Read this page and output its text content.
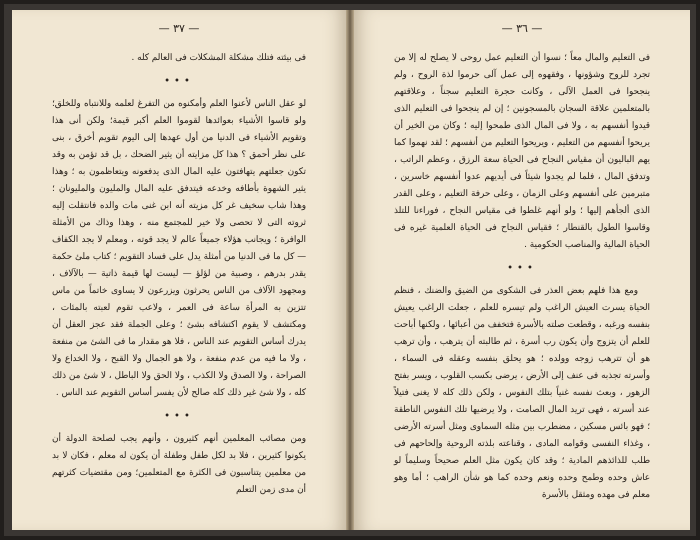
— ٣٧ —

فى بيئته فتلك مشكلة المشكلات فى العالم كله .

•••

لو عقل الناس لأعنوا العلم وأمكنوه من التفرغ لعلمه وللانتباه وللخلق؛ ولو قاسوا الأشياء بعوائدها لقوموا العلم أكبر قيمة؛ ولكن أنى هذا وتقويم الأشياء فى الدنيا من أول عهدها إلى اليوم تقويم أخرق ، بنى على نظر أحمق ؟ هذا كل مزايته أن يثير الضحك ، بل قد تؤمن به وقد تكون جعلتهم يتهافتون عليه المال الذى يدفعونه ويتعاظمون به ؛ وهذا يثير الشهوة بأطافه وخدعه فيتدفق عليه المال والمليون والمليونان ؛ وهذا شاب سخيف غر كل مزيته أنه ابن غنى مات والده فانتقلت إليه ثروته التى لا تحصى ولا خير للمجتمع منه ، وهذا وذاك من الأمثلة الوافرة ؛ ويجانب هؤلاء جميعاً عالم لا يجد قوته ، ومعلم لا يجد الكفاف — كل ما فى الدنيا من أمثلة يدل على فساد التقويم ؛ كتاب ملئ حكمة يقدر بدرهم ، وصبية من لؤلؤ — ليست لها قيمة ذاتية — بالآلاف ، ومجهود الآلاف من الناس يحرثون ويزرعون لا يساوى خاتماً من ماس تتزين به المرأة ساعة فى العمر ، ولاعب تقوم لعبته بالمئات ، ومكتشف لا يقوم اكتشافه بشئ ؛ وعلى الجملة فقد عجز العقل أن يدرك أساس التقويم عند الناس ، فلا هو مقدار ما فى الشئ من منفعة ، ولا ما فيه من عدم منفعة ، ولا هو الجمال ولا القبح ، ولا الخداع ولا الصراحة ، ولا الصدق ولا الكذب ، ولا الحق ولا الباطل ، لا شئ من ذلك كله ، ولا شئ غير ذلك كله صالح لأن يفسر أساس التقويم عند الناس .

•••

ومن مصائب المعلمين أنهم كثيرون ، وأنهم يجب لصلحة الدولة أن يكونوا كثيرين ، فلا بد لكل طفل وطفلة أن يكون له معلم ، فكان لا بد من معلمين يتناسبون فى الكثرة مع المتعلمين؛ ومن مقتضيات كثرتهم أن مدى زمن التعلم

— ٣٦ —

فى التعليم والمال معاً ؛ نسوا أن التعليم عمل روحى لا يصلح له إلا من تجرد للروح وشؤونها ، وفقهوه إلى عمل آلى حرموا لذة الروح ، ولم ينجحوا فى العمل الآلى ، وكانت حجرة التعليم سجناً ، وعلاقتهم بالمتعلمين علاقة السجان بالمسجونين ؛ إن لم ينجحوا فى التعليم الذى قيدوا أنفسهم به ، ولا فى المال الذى طمحوا إليه ؛ وكان من الخير أن يريحوا أنفسهم من التعليم ، ويريحوا التعليم من أنفسهم ؛ لقد نهموا كما يهم الباليون أن مقياس النجاح فى الحياة سعة الرزق ، وعظم الراتب ، وتدفق المال ، فلما لم يجدوا شيئاً فى أيديهم عدوا أنفسهم خاسرين ، متبرمين على أنفسهم وعلى الزمان ، وعلى حرفة التعليم ، وعلى القدر الذى ألجأهم إليها ؛ ولو أنهم غلطوا فى مقياس النجاح ، فوراءنا للتلذ وقاسوا الطول بالقنطار ؛ فقياس النجاح فى الحياة العلمية غيره فى الحياة المالية والمناصب الحكومية .

•••

ومع هذا فلهم بعض العذر فى الشكوى من الضيق والضنك ، فنظم الحياة يسرت العيش الراغب ولم تيسره للعلم ، جعلت الراغب يعيش بنفسه ورغبه ، وقطعت صلته بالأسرة فتخفف من أعبائها ، ولكنها أباحت للعلم أن يتزوج وأن يكون رب أسرة ، ثم طالبته أن يترهب ، وأن ترهب هو أن تترهب زوجه وولده ؛ هو يحلق بنفسه وعقله فى السماء ، وأسرته تجذبه فى عنف إلى الأرض ، يرضى بكسب القلوب ، ويسر بفتح الزهور ، وبعث نفسه غنياً بتلك النفوس ، ولكن ذلك كله لا يغنى فتيلاً عند أسرته ، فهى تريد المال الصامت ، ولا يرضيها تلك النفوس الناطقة ؛ فهو بائس مسكين ، مضطرب بين مثله السماوى ومثل أسرته الأرضى ، وغذاء النفسى وقوامه المادى ، وقناعته بلذته الروحية وإلحاحهم فى طلب للذائذهم المادية ؛ وقد كان يكون مثل العلم صحيحاً وسليماً لو عاش وحده وطمح وحده ونعم وحده كما هو شأن الراهب ؛ أما وهو معلم فى مهده ومثقل بالأسرة
